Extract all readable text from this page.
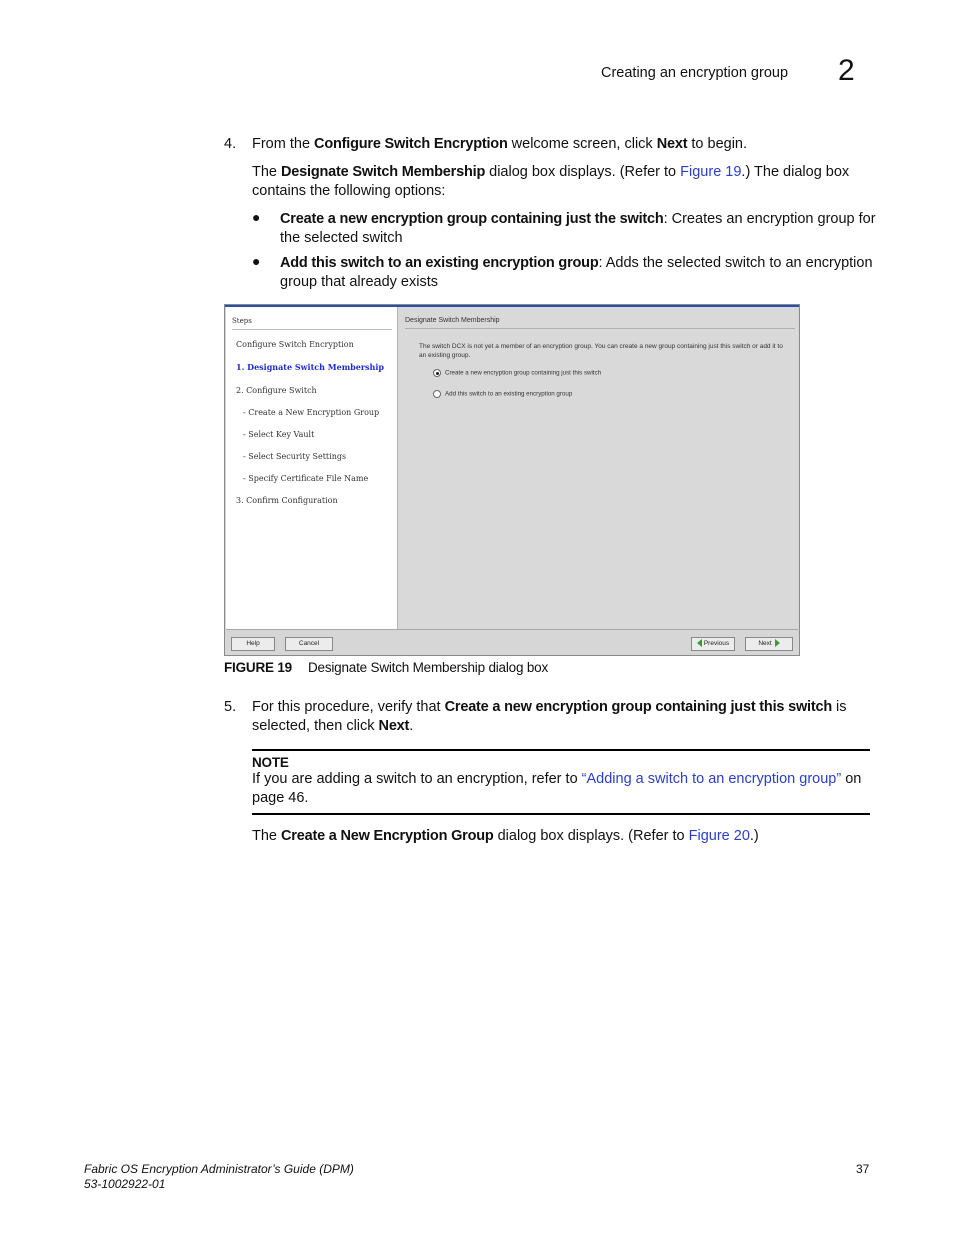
Creating an encryption group 2
4. From the Configure Switch Encryption welcome screen, click Next to begin.
The Designate Switch Membership dialog box displays. (Refer to Figure 19.) The dialog box
contains the following options:
● Create a new encryption group containing just the switch: Creates an encryption group for
the selected switch
● Add this switch to an existing encryption group: Adds the selected switch to an encryption
group that already exists
Steps
Configure Switch Encryption
1. Designate Switch Membership
2. Configure Switch
- Create a New Encryption Group
- Select Key Vault
- Select Security Settings
- Specify Certificate File Name
3. Confirm Configuration
Designate Switch Membership
The switch DCX is not yet a member of an encryption group. You can create a new group containing just this switch or add it to an existing group.
Create a new encryption group containing just this switch
Add this switch to an existing encryption group
Help	Cancel	Previous	Next
FIGURE 19 Designate Switch Membership dialog box
5. For this procedure, verify that Create a new encryption group containing just this switch is
selected, then click Next.
NOTE
If you are adding a switch to an encryption, refer to “Adding a switch to an encryption group” on
page 46.
The Create a New Encryption Group dialog box displays. (Refer to Figure 20.)
Fabric OS Encryption Administrator’s Guide (DPM)
53-1002922-01
37
